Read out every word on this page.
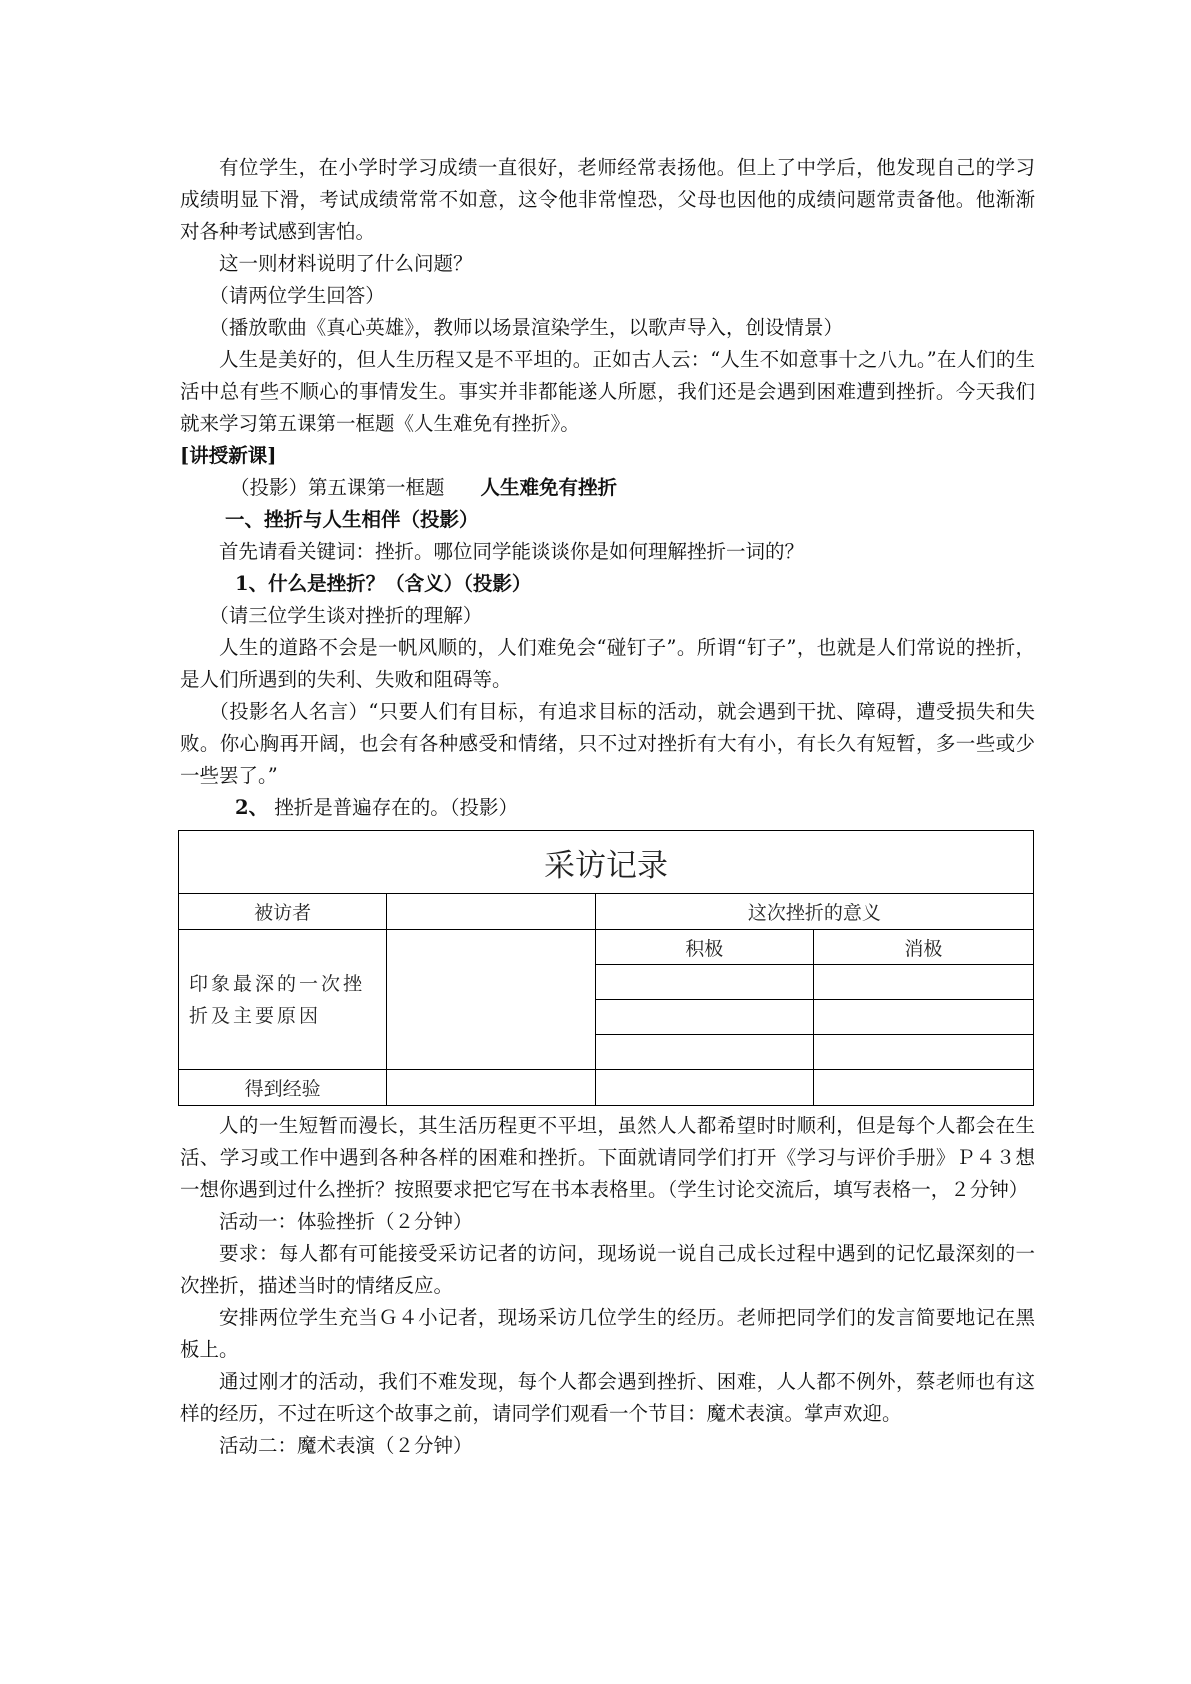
有位学生，在小学时学习成绩一直很好，老师经常表扬他。但上了中学后，他发现自己的学习成绩明显下滑，考试成绩常常不如意，这令他非常惶恐，父母也因他的成绩问题常责备他。他渐渐对各种考试感到害怕。

这一则材料说明了什么问题？

（请两位学生回答）

（播放歌曲《真心英雄》，教师以场景渲染学生，以歌声导入，创设情景）

人生是美好的，但人生历程又是不平坦的。正如古人云：“人生不如意事十之八九。”在人们的生活中总有些不顺心的事情发生。事实并非都能遂人所愿，我们还是会遇到困难遭到挫折。今天我们就来学习第五课第一框题《人生难免有挫折》。

[讲授新课]

（投影）第五课第一框题 人生难免有挫折

一、挫折与人生相伴（投影）

首先请看关键词：挫折。哪位同学能谈谈你是如何理解挫折一词的？

1、什么是挫折？（含义）（投影）

（请三位学生谈对挫折的理解）

人生的道路不会是一帆风顺的，人们难免会“碰钉子”。所谓“钉子”，也就是人们常说的挫折，是人们所遇到的失利、失败和阻碍等。

（投影名人名言）“只要人们有目标，有追求目标的活动，就会遇到干扰、障碍，遭受损失和失败。你心胸再开阔，也会有各种感受和情绪，只不过对挫折有大有小，有长久有短暂，多一些或少一些罢了。”

2、 挫折是普遍存在的。（投影）

采访记录			
被访者		这次挫折的意义	
印象最深的一次挫折及主要原因		积极	消极

得到经验			

人的一生短暂而漫长，其生活历程更不平坦，虽然人人都希望时时顺利，但是每个人都会在生活、学习或工作中遇到各种各样的困难和挫折。下面就请同学们打开《学习与评价手册》Ｐ４３想一想你遇到过什么挫折？按照要求把它写在书本表格里。（学生讨论交流后，填写表格一，２分钟）

活动一：体验挫折（２分钟）

要求：每人都有可能接受采访记者的访问，现场说一说自己成长过程中遇到的记忆最深刻的一次挫折，描述当时的情绪反应。

安排两位学生充当Ｇ４小记者，现场采访几位学生的经历。老师把同学们的发言简要地记在黑板上。

通过刚才的活动，我们不难发现，每个人都会遇到挫折、困难，人人都不例外，蔡老师也有这样的经历，不过在听这个故事之前，请同学们观看一个节目：魔术表演。掌声欢迎。

活动二：魔术表演（２分钟）
